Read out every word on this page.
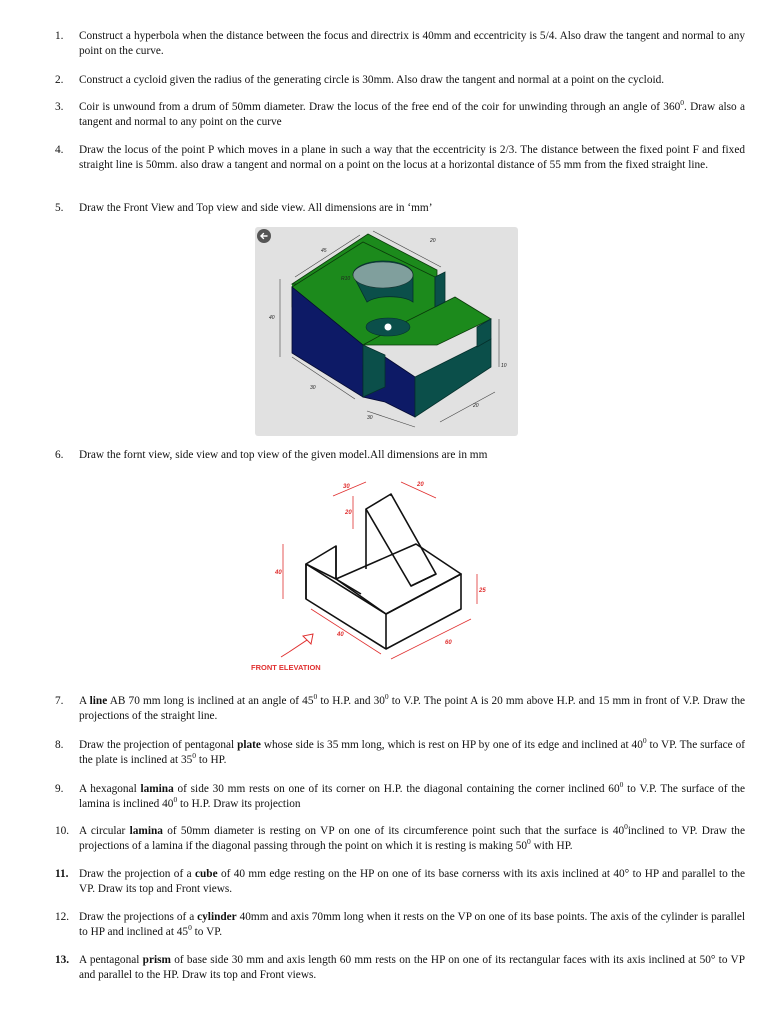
1.	Construct a hyperbola when the distance between the focus and directrix is 40mm and eccentricity is 5/4. Also draw the tangent and normal to any point on the curve.
2.	Construct a cycloid given the radius of the generating circle is 30mm. Also draw the tangent and normal at a point on the cycloid.
3.	Coir is unwound from a drum of 50mm diameter. Draw the locus of the free end of the coir for unwinding through an angle of $360^0$. Draw also a tangent and normal to any point on the curve
4.	Draw the locus of the point P which moves in a plane in such a way that the eccentricity is 2/3. The distance between the fixed point F and fixed straight line is 50mm. also draw a tangent and normal on a point on the locus at a horizontal distance of 55 mm from the fixed straight line.
5.	Draw the Front View and Top view and side view. All dimensions are in ‘mm’
6.	Draw the fornt view, side view and top view of the given model.All dimensions are in mm
7.	A line AB 70 mm long is inclined at an angle of $45^0$ to H.P. and $30^0$ to V.P. The point A is 20 mm above H.P. and 15 mm in front of V.P. Draw the projections of the straight line.
8.	Draw the projection of pentagonal plate whose side is 35 mm long, which is rest on HP by one of its edge and inclined at $40^0$ to VP. The surface of the plate is inclined at $35^0$ to HP.
9.	A hexagonal lamina of side 30 mm rests on one of its corner on H.P. the diagonal containing the corner inclined $60^0$ to V.P. The surface of the lamina is inclined $40^0$ to H.P. Draw its projection
10. A circular lamina of 50mm diameter is resting on VP on one of its circumference point such that the surface is $40^0inclined$ to VP. Draw the projections of a lamina if the diagonal passing through the point on which it is resting is making $50^0$ with HP.
11. Draw the projection of a cube of 40 mm edge resting on the HP on one of its base cornerss with its axis inclined at 40° to HP and parallel to the VP. Draw its top and Front views.
12. Draw the projections of a cylinder 40mm and axis 70mm long when it rests on the VP on one of its base points. The axis of the cylinder is parallel to HP and inclined at $45^0$ to VP.
13. A pentagonal prism of base side 30 mm and axis length 60 mm rests on the HP on one of its rectangular faces with its axis inclined at 50° to VP and parallel to the HP. Draw its top and Front views.
45
20
R10
40
30
30
20
10
30	20
20
40
25
40
60
FRONT ELEVATION
